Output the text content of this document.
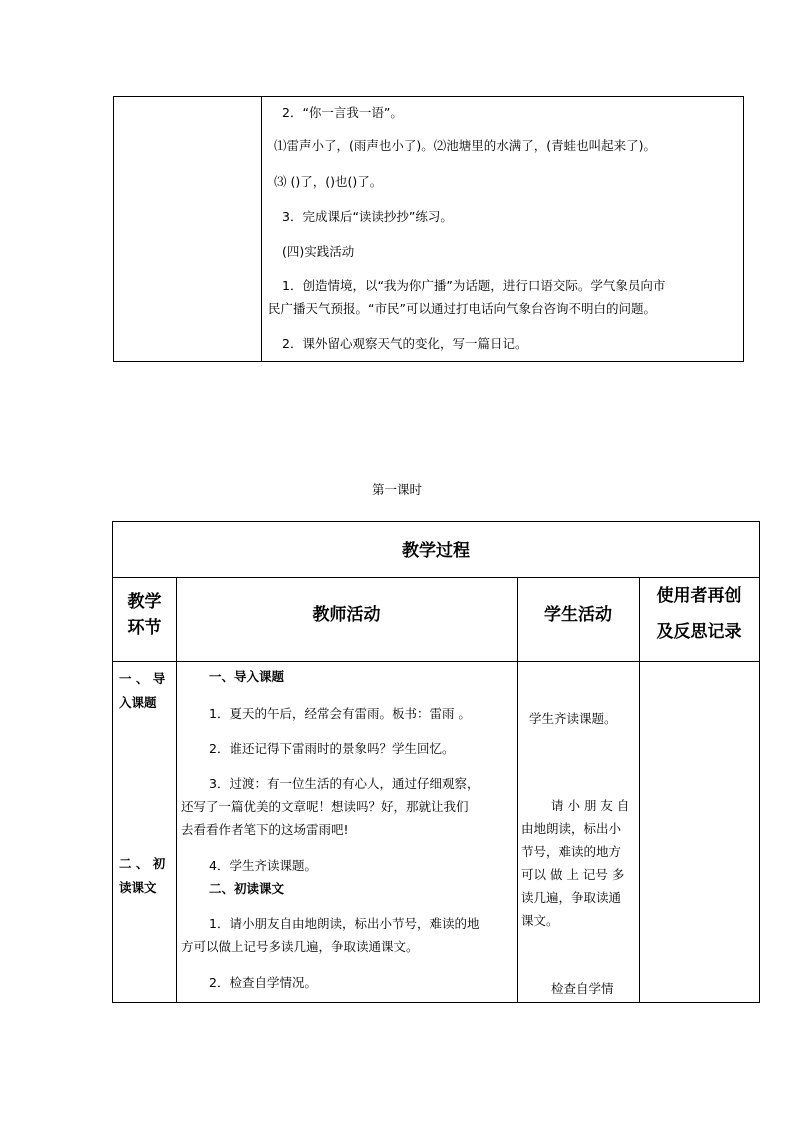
2．“你一言我一语”。
⑴雷声小了，(雨声也小了)。⑵池塘里的水满了，(青蛙也叫起来了)。
⑶ ()了，()也()了。
3．完成课后“读读抄抄”练习。
(四)实践活动
1．创造情境，以“我为你广播”为话题，进行口语交际。学气象员向市
民广播天气预报。“市民”可以通过打电话向气象台咨询不明白的问题。
2．课外留心观察天气的变化，写一篇日记。
第一课时
教学过程
教学
环节
教师活动	学生活动
使用者再创
及反思记录
一 、 导
入课题
二 、 初
读课文
一、导入课题
1．夏天的午后，经常会有雷雨。板书：雷雨 。
2．谁还记得下雷雨时的景象吗？学生回忆。
3．过渡：有一位生活的有心人，通过仔细观察，
还写了一篇优美的文章呢！想读吗？好，那就让我们
去看看作者笔下的这场雷雨吧!
4．学生齐读课题。
二、初读课文
1．请小朋友自由地朗读，标出小节号，难读的地
方可以做上记号多读几遍，争取读通课文。
2．检查自学情况。
学生齐读课题。
请 小 朋 友 自
由地朗读，标出小
节号，难读的地方
可以 做 上 记号 多
读几遍，争取读通
课文。
检查自学情
